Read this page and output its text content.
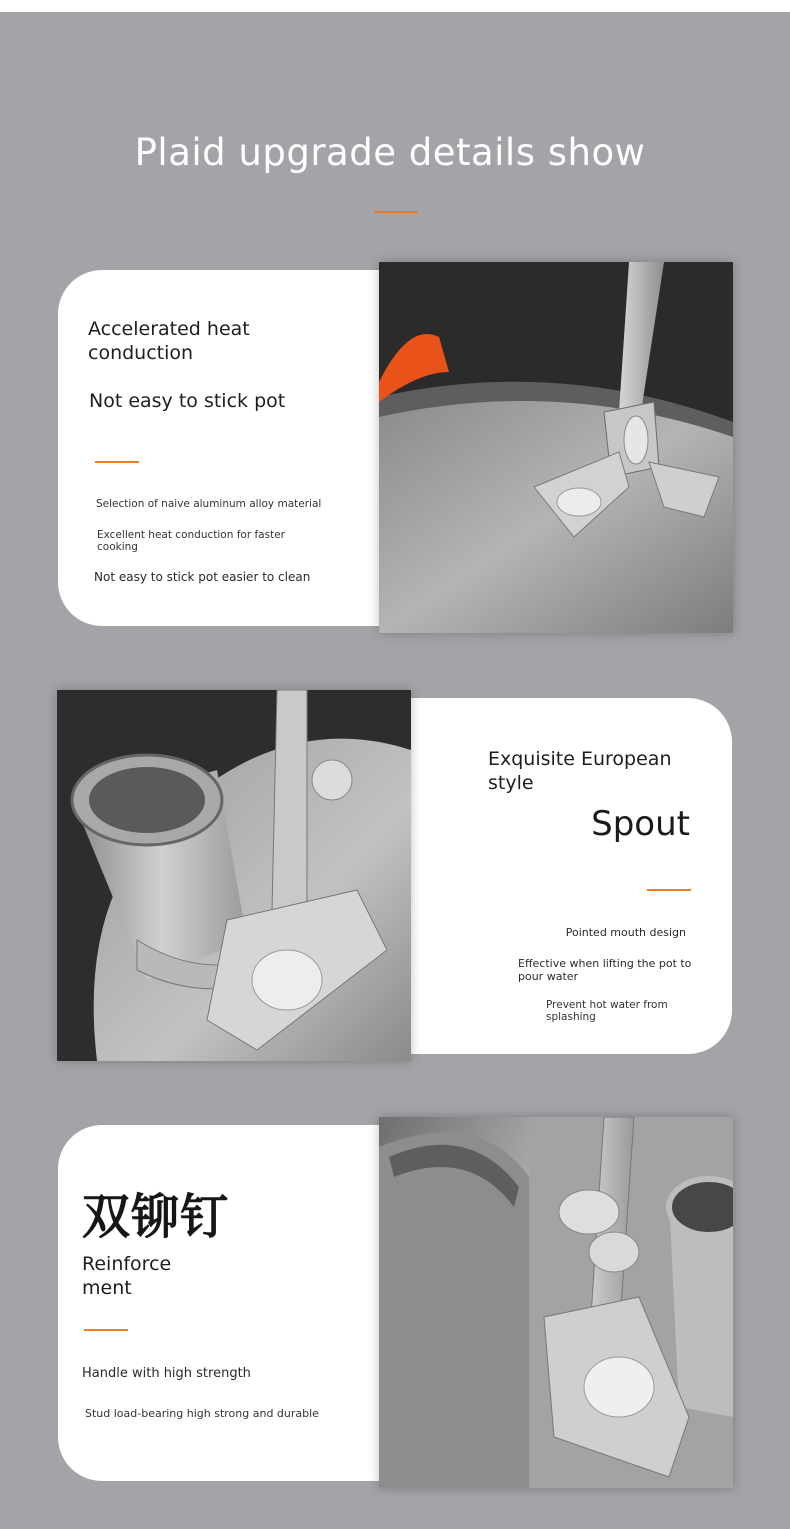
Plaid upgrade details show
Accelerated heat conduction
Not easy to stick pot
Selection of naive aluminum alloy material
Excellent heat conduction for faster cooking
Not easy to stick pot easier to clean
Exquisite European style
Spout
Pointed mouth design
Effective when lifting the pot to pour water
Prevent hot water from splashing
双铆钉
Reinforce ment
Handle with high strength
Stud load-bearing high strong and durable
